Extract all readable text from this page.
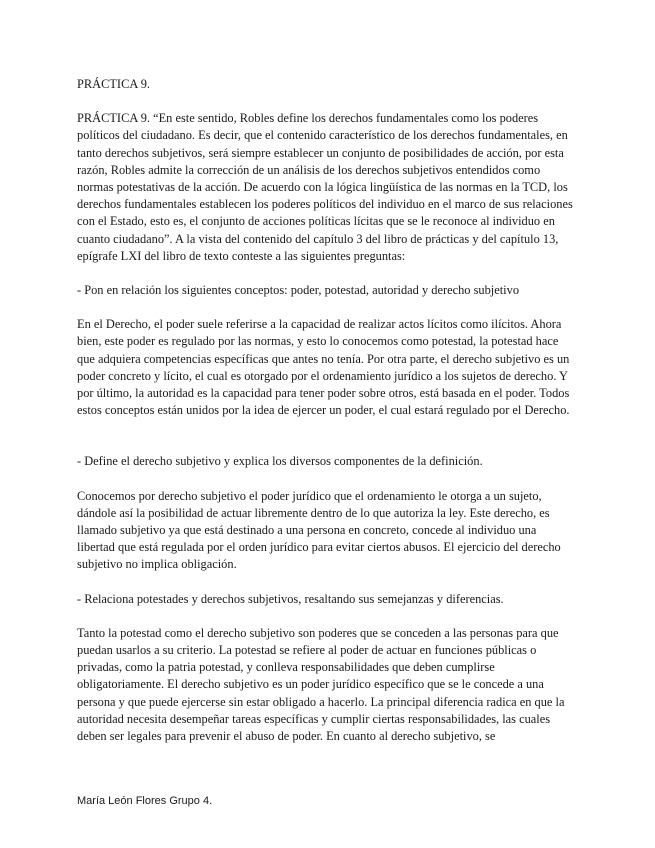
PRÁCTICA 9.

PRÁCTICA 9. “En este sentido, Robles define los derechos fundamentales como los poderes políticos del ciudadano. Es decir, que el contenido característico de los derechos fundamentales, en tanto derechos subjetivos, será siempre establecer un conjunto de posibilidades de acción, por esta razón, Robles admite la corrección de un análisis de los derechos subjetivos entendidos como normas potestativas de la acción. De acuerdo con la lógica lingüística de las normas en la TCD, los derechos fundamentales establecen los poderes políticos del individuo en el marco de sus relaciones con el Estado, esto es, el conjunto de acciones políticas lícitas que se le reconoce al individuo en cuanto ciudadano”. A la vista del contenido del capítulo 3 del libro de prácticas y del capítulo 13, epígrafe LXI del libro de texto conteste a las siguientes preguntas:

- Pon en relación los siguientes conceptos: poder, potestad, autoridad y derecho subjetivo

En el Derecho, el poder suele referirse a la capacidad de realizar actos lícitos como ilícitos. Ahora bien, este poder es regulado por las normas, y esto lo conocemos como potestad, la potestad hace que adquiera competencias específicas que antes no tenía. Por otra parte, el derecho subjetivo es un poder concreto y lícito, el cual es otorgado por el ordenamiento jurídico a los sujetos de derecho. Y por último, la autoridad es la capacidad para tener poder sobre otros, está basada en el poder. Todos estos conceptos están unidos por la idea de ejercer un poder, el cual estará regulado por el Derecho.

- Define el derecho subjetivo y explica los diversos componentes de la definición.

Conocemos por derecho subjetivo el poder jurídico que el ordenamiento le otorga a un sujeto, dándole así la posibilidad de actuar libremente dentro de lo que autoriza la ley. Este derecho, es llamado subjetivo ya que está destinado a una persona en concreto, concede al individuo una libertad que está regulada por el orden jurídico para evitar ciertos abusos. El ejercicio del derecho subjetivo no implica obligación.

- Relaciona potestades y derechos subjetivos, resaltando sus semejanzas y diferencias.

Tanto la potestad como el derecho subjetivo son poderes que se conceden a las personas para que puedan usarlos a su criterio. La potestad se refiere al poder de actuar en funciones públicas o privadas, como la patria potestad, y conlleva responsabilidades que deben cumplirse obligatoriamente. El derecho subjetivo es un poder jurídico específico que se le concede a una persona y que puede ejercerse sin estar obligado a hacerlo. La principal diferencia radica en que la autoridad necesita desempeñar tareas específicas y cumplir ciertas responsabilidades, las cuales deben ser legales para prevenir el abuso de poder. En cuanto al derecho subjetivo, se

María León Flores Grupo 4.
